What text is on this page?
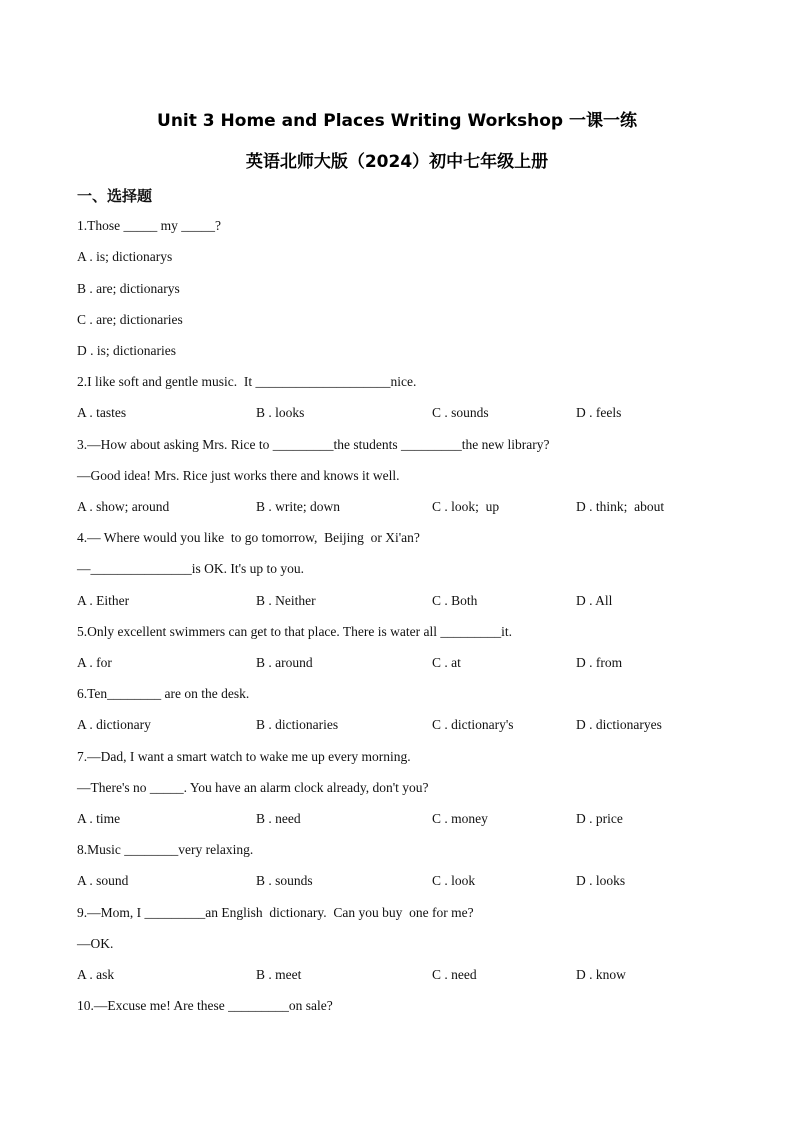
Unit 3 Home and Places Writing Workshop 一课一练
英语北师大版（2024）初中七年级上册
一、选择题
1.Those _____ my _____?
A . is; dictionarys
B . are; dictionarys
C . are; dictionaries
D . is; dictionaries
2.I like soft and gentle music.  It ____________________nice.
A . tastes	B . looks	C . sounds	D . feels
3.—How about asking Mrs. Rice to _________the students _________the new library?
—Good idea! Mrs. Rice just works there and knows it well.
A . show; around	B . write; down	C . look;  up	D . think;  about
4.— Where would you like  to go tomorrow,  Beijing  or Xi'an?
—_______________is OK. It's up to you.
A . Either	B . Neither	C . Both	D . All
5.Only excellent swimmers can get to that place. There is water all _________it.
A . for	B . around	C . at	D . from
6.Ten________ are on the desk.
A . dictionary	B . dictionaries	C . dictionary's	D . dictionaryes
7.—Dad, I want a smart watch to wake me up every morning.
—There's no _____. You have an alarm clock already, don't you?
A . time	B . need	C . money	D . price
8.Music ________very relaxing.
A . sound	B . sounds	C . look	D . looks
9.—Mom, I _________an English  dictionary.  Can you buy  one for me?
—OK.
A . ask	B . meet	C . need	D . know
10.—Excuse me! Are these _________on sale?
